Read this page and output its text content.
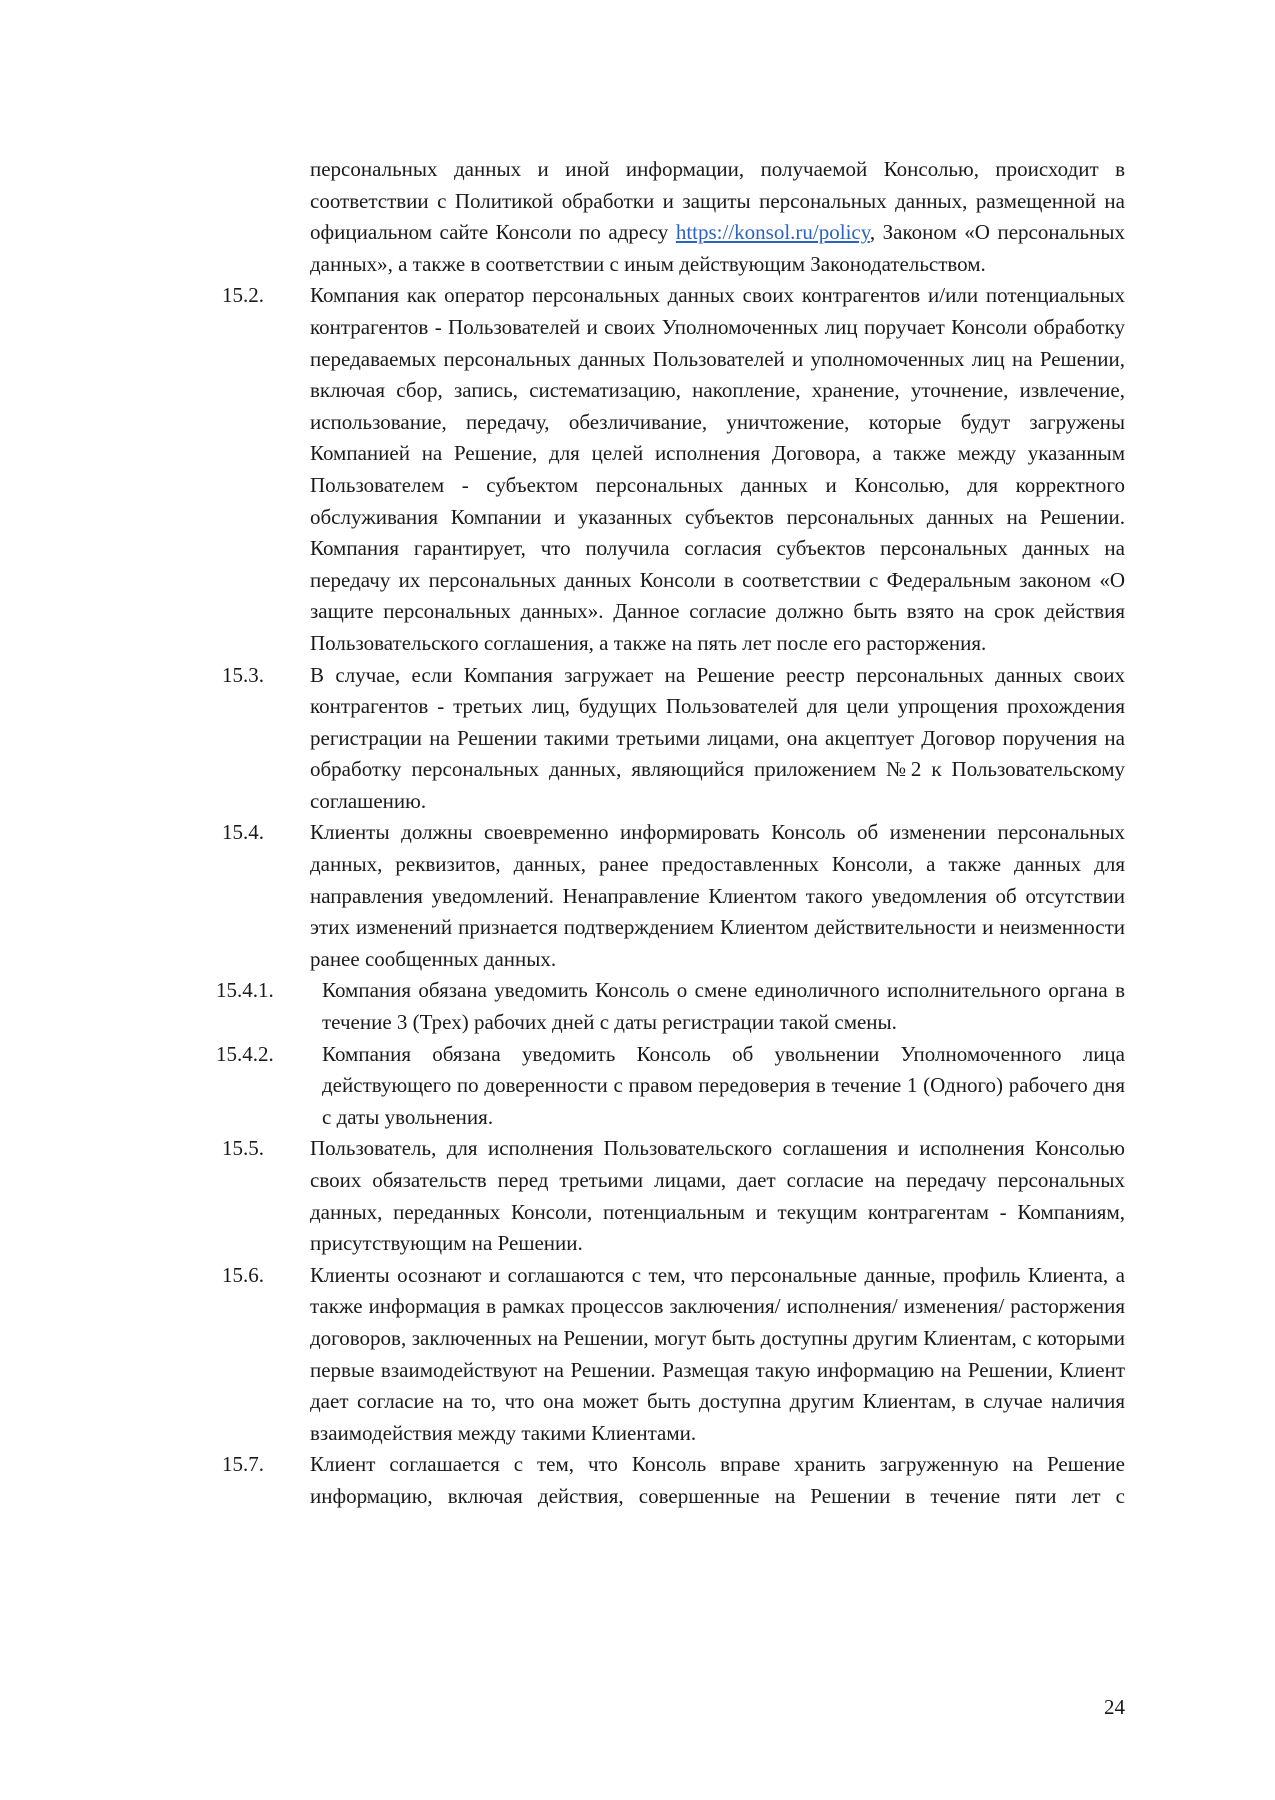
персональных данных и иной информации, получаемой Консолью, происходит в соответствии с Политикой обработки и защиты персональных данных, размещенной на официальном сайте Консоли по адресу https://konsol.ru/policy, Законом «О персональных данных», а также в соответствии с иным действующим Законодательством.

15.2. Компания как оператор персональных данных своих контрагентов и/или потенциальных контрагентов - Пользователей и своих Уполномоченных лиц поручает Консоли обработку передаваемых персональных данных Пользователей и уполномоченных лиц на Решении, включая сбор, запись, систематизацию, накопление, хранение, уточнение, извлечение, использование, передачу, обезличивание, уничтожение, которые будут загружены Компанией на Решение, для целей исполнения Договора, а также между указанным Пользователем - субъектом персональных данных и Консолью, для корректного обслуживания Компании и указанных субъектов персональных данных на Решении. Компания гарантирует, что получила согласия субъектов персональных данных на передачу их персональных данных Консоли в соответствии с Федеральным законом «О защите персональных данных». Данное согласие должно быть взято на срок действия Пользовательского соглашения, а также на пять лет после его расторжения.

15.3. В случае, если Компания загружает на Решение реестр персональных данных своих контрагентов - третьих лиц, будущих Пользователей для цели упрощения прохождения регистрации на Решении такими третьими лицами, она акцептует Договор поручения на обработку персональных данных, являющийся приложением №2 к Пользовательскому соглашению.

15.4. Клиенты должны своевременно информировать Консоль об изменении персональных данных, реквизитов, данных, ранее предоставленных Консоли, а также данных для направления уведомлений. Ненаправление Клиентом такого уведомления об отсутствии этих изменений признается подтверждением Клиентом действительности и неизменности ранее сообщенных данных.

15.4.1. Компания обязана уведомить Консоль о смене единоличного исполнительного органа в течение 3 (Трех) рабочих дней с даты регистрации такой смены.

15.4.2. Компания обязана уведомить Консоль об увольнении Уполномоченного лица действующего по доверенности с правом передоверия в течение 1 (Одного) рабочего дня с даты увольнения.

15.5. Пользователь, для исполнения Пользовательского соглашения и исполнения Консолью своих обязательств перед третьими лицами, дает согласие на передачу персональных данных, переданных Консоли, потенциальным и текущим контрагентам - Компаниям, присутствующим на Решении.

15.6. Клиенты осознают и соглашаются с тем, что персональные данные, профиль Клиента, а также информация в рамках процессов заключения/ исполнения/ изменения/ расторжения договоров, заключенных на Решении, могут быть доступны другим Клиентам, с которыми первые взаимодействуют на Решении. Размещая такую информацию на Решении, Клиент дает согласие на то, что она может быть доступна другим Клиентам, в случае наличия взаимодействия между такими Клиентами.

15.7. Клиент соглашается с тем, что Консоль вправе хранить загруженную на Решение информацию, включая действия, совершенные на Решении в течение пяти лет с

24
